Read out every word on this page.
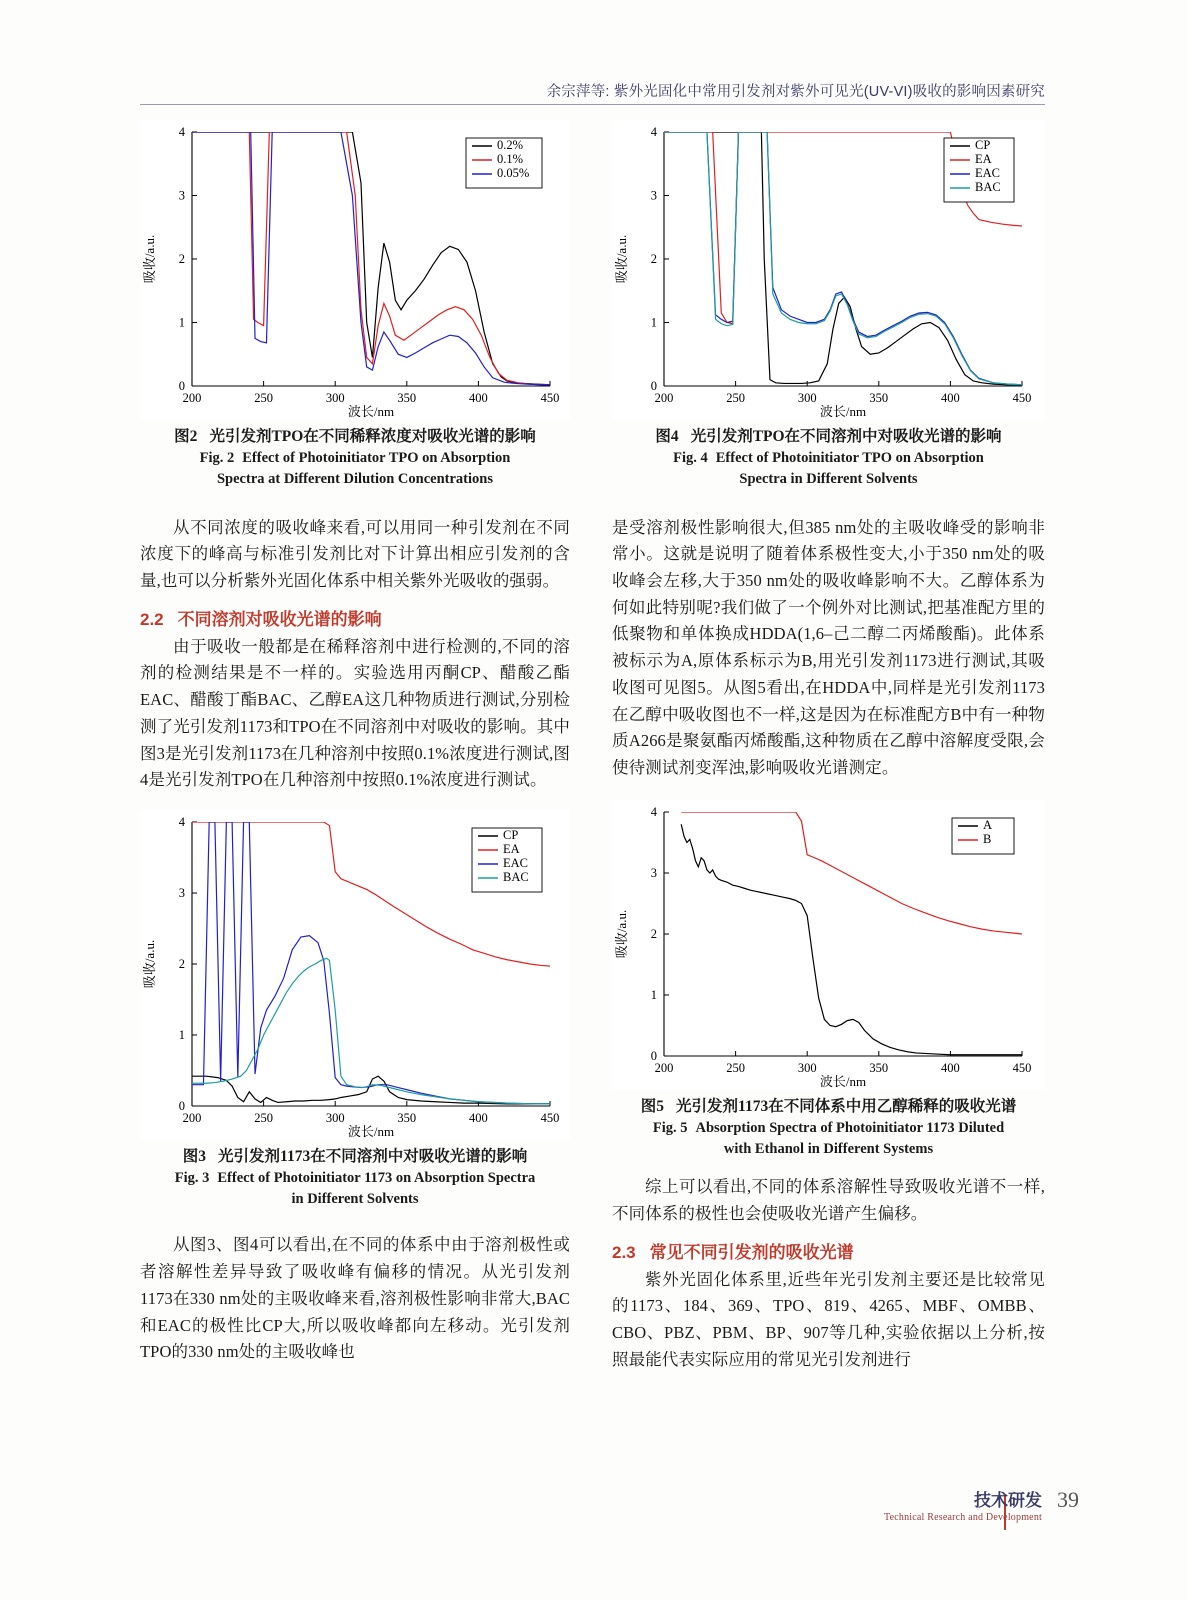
余宗萍等: 紫外光固化中常用引发剂对紫外可见光(UV-VI)吸收的影响因素研究
200	250	300	350	400	450
0
1
2
3
4
波长/nm
吸收/a.u.
0.2%
0.1%
0.05%
图2 光引发剂TPO在不同稀释浓度对吸收光谱的影响
Fig. 2 Effect of Photoinitiator TPO on Absorption
Spectra at Different Dilution Concentrations

从不同浓度的吸收峰来看,可以用同一种引发剂在不同浓度下的峰高与标准引发剂比对下计算出相应引发剂的含量,也可以分析紫外光固化体系中相关紫外光吸收的强弱。

2.2 不同溶剂对吸收光谱的影响

由于吸收一般都是在稀释溶剂中进行检测的,不同的溶剂的检测结果是不一样的。实验选用丙酮CP、醋酸乙酯EAC、醋酸丁酯BAC、乙醇EA这几种物质进行测试,分别检测了光引发剂1173和TPO在不同溶剂中对吸收的影响。其中图3是光引发剂1173在几种溶剂中按照0.1%浓度进行测试,图4是光引发剂TPO在几种溶剂中按照0.1%浓度进行测试。

200	250	300	350	400	450
0
1
2
3
4
波长/nm
吸收/a.u.
CP
EA
EAC
BAC
图3 光引发剂1173在不同溶剂中对吸收光谱的影响
Fig. 3 Effect of Photoinitiator 1173 on Absorption Spectra
in Different Solvents

从图3、图4可以看出,在不同的体系中由于溶剂极性或者溶解性差异导致了吸收峰有偏移的情况。从光引发剂1173在330 nm处的主吸收峰来看,溶剂极性影响非常大,BAC和EAC的极性比CP大,所以吸收峰都向左移动。光引发剂TPO的330 nm处的主吸收峰也

200	250	300	350	400	450
0
1
2
3
4
波长/nm
吸收/a.u.
CP
EA
EAC
BAC
图4 光引发剂TPO在不同溶剂中对吸收光谱的影响
Fig. 4 Effect of Photoinitiator TPO on Absorption
Spectra in Different Solvents

是受溶剂极性影响很大,但385 nm处的主吸收峰受的影响非常小。这就是说明了随着体系极性变大,小于350 nm处的吸收峰会左移,大于350 nm处的吸收峰影响不大。乙醇体系为何如此特别呢?我们做了一个例外对比测试,把基准配方里的低聚物和单体换成HDDA(1,6–己二醇二丙烯酸酯)。此体系被标示为A,原体系标示为B,用光引发剂1173进行测试,其吸收图可见图5。从图5看出,在HDDA中,同样是光引发剂1173在乙醇中吸收图也不一样,这是因为在标准配方B中有一种物质A266是聚氨酯丙烯酸酯,这种物质在乙醇中溶解度受限,会使待测试剂变浑浊,影响吸收光谱测定。

200	250	300	350	400	450
0
1
2
3
4
波长/nm
吸收/a.u.
A
B
图5 光引发剂1173在不同体系中用乙醇稀释的吸收光谱
Fig. 5 Absorption Spectra of Photoinitiator 1173 Diluted
with Ethanol in Different Systems

综上可以看出,不同的体系溶解性导致吸收光谱不一样,不同体系的极性也会使吸收光谱产生偏移。

2.3 常见不同引发剂的吸收光谱

紫外光固化体系里,近些年光引发剂主要还是比较常见的1173、184、369、TPO、819、4265、MBF、OMBB、CBO、PBZ、PBM、BP、907等几种,实验依据以上分析,按照最能代表实际应用的常见光引发剂进行

技术研发
Technical Research and Development
39
